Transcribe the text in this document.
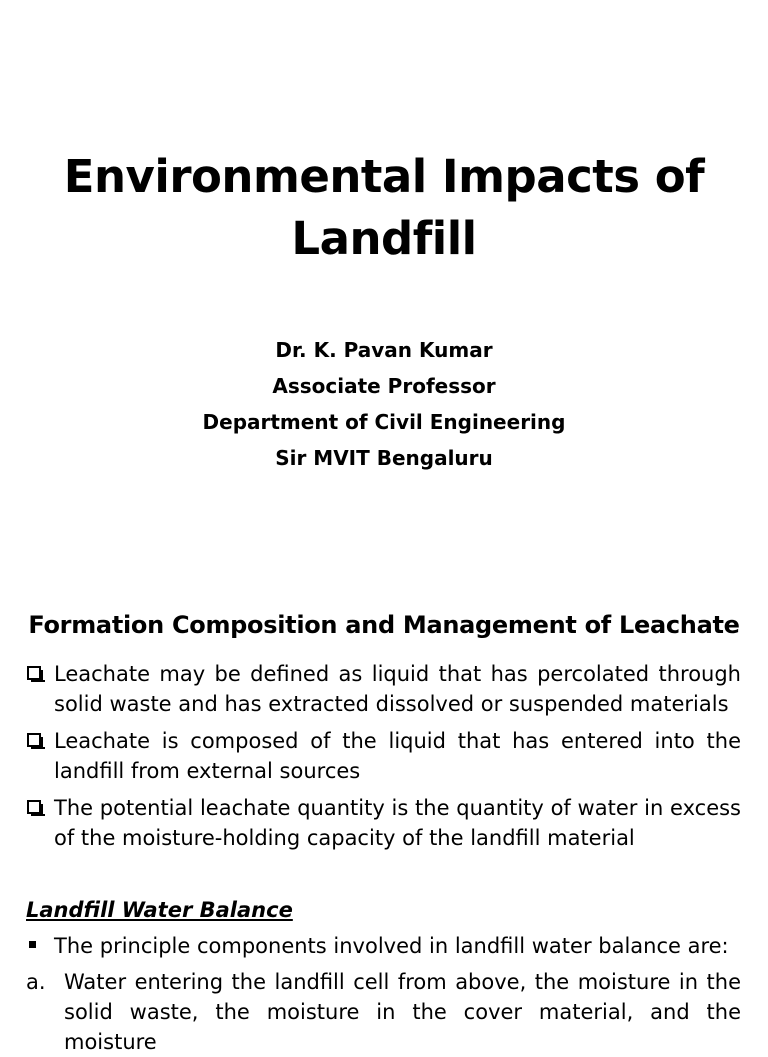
Environmental Impacts of
Landfill
Dr. K. Pavan Kumar
Associate Professor
Department of Civil Engineering
Sir MVIT Bengaluru
Formation Composition and Management of Leachate
Leachate may be defined as liquid that has percolated through solid waste and has extracted dissolved or suspended materials
Leachate is composed of the liquid that has entered into the landfill from external sources
The potential leachate quantity is the quantity of water in excess of the moisture-holding capacity of the landfill material
Landfill Water Balance
The principle components involved in landfill water balance are:
a. Water entering the landfill cell from above, the moisture in the solid waste, the moisture in the cover material, and the moisture
